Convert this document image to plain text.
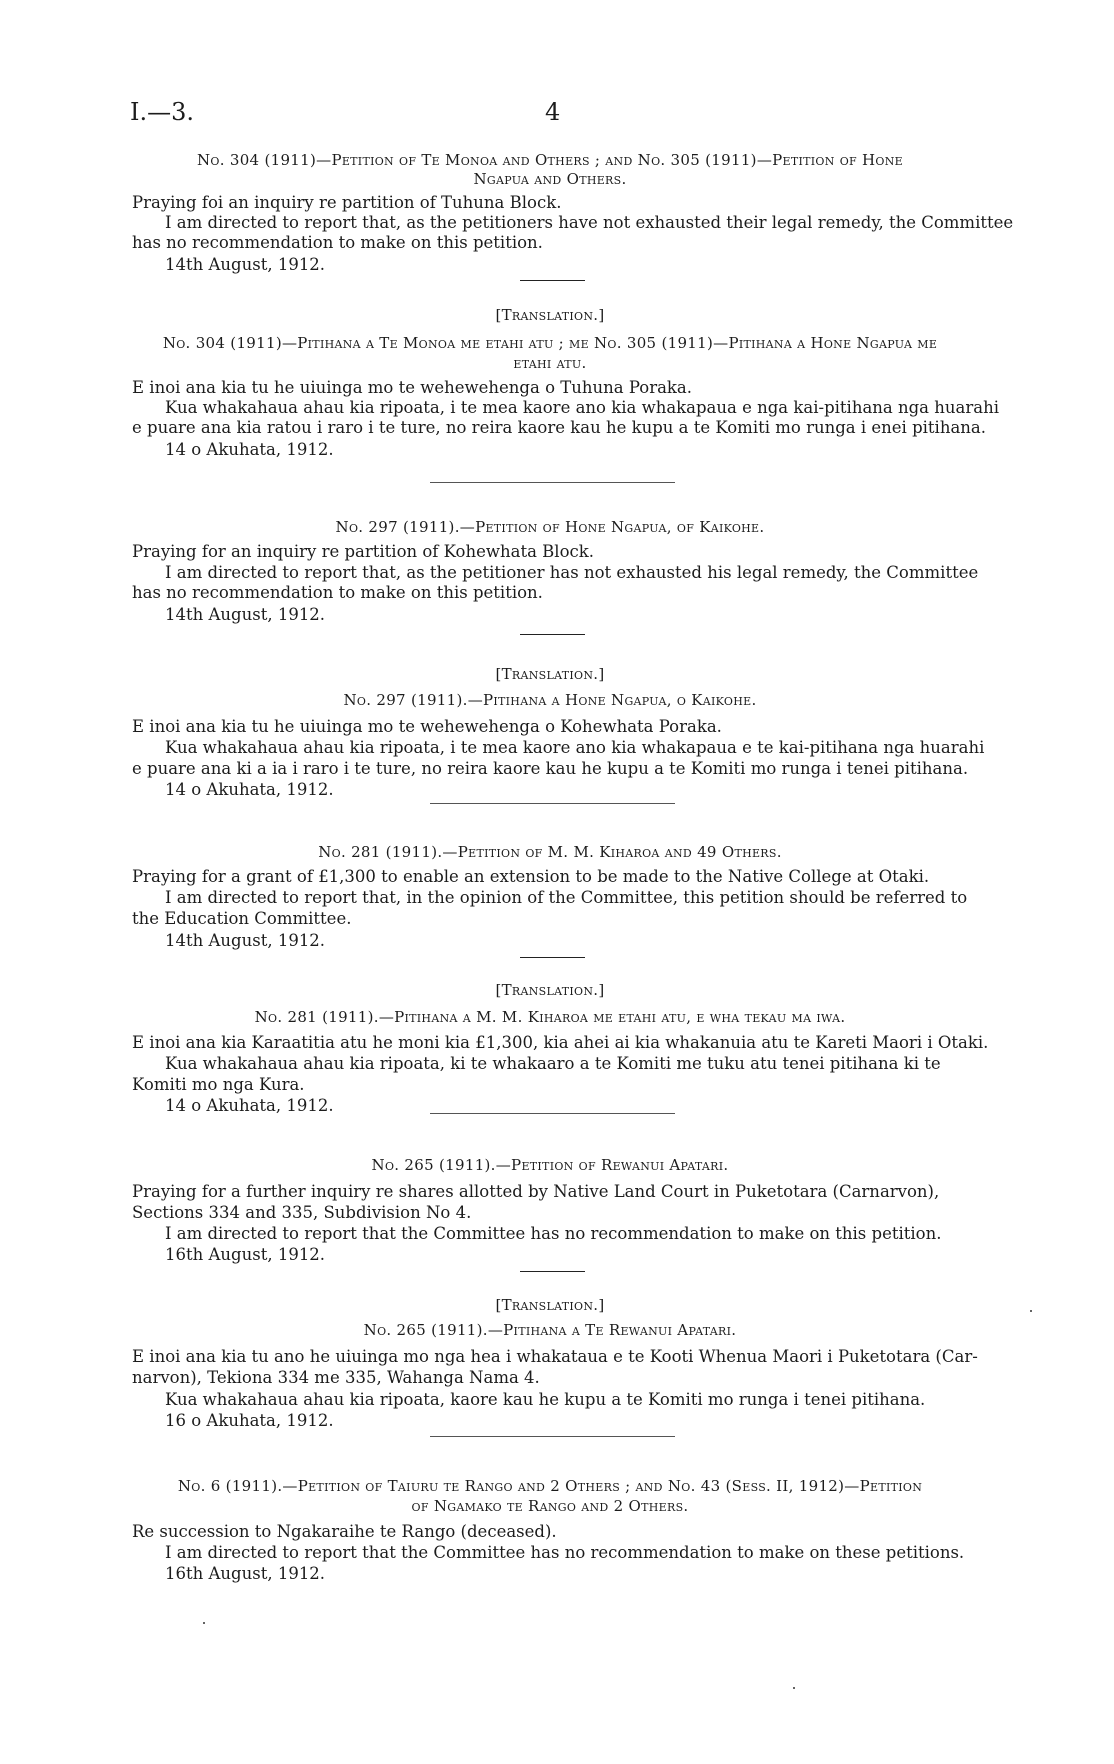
I.—3.	4
No. 304 (1911)—Petition of Te Monoa and Others ; and No. 305 (1911)—Petition of Hone
Ngapua and Others.
Praying foi an inquiry re partition of Tuhuna Block.
I am directed to report that, as the petitioners have not exhausted their legal remedy, the Committee
has no recommendation to make on this petition.
14th August, 1912.
[Translation.]
No. 304 (1911)—Pitihana a Te Monoa me etahi atu ; me No. 305 (1911)—Pitihana a Hone Ngapua me
etahi atu.
E inoi ana kia tu he uiuinga mo te wehewehenga o Tuhuna Poraka.
Kua whakahaua ahau kia ripoata, i te mea kaore ano kia whakapaua e nga kai-pitihana nga huarahi
e puare ana kia ratou i raro i te ture, no reira kaore kau he kupu a te Komiti mo runga i enei pitihana.
14 o Akuhata, 1912.
No. 297 (1911).—Petition of Hone Ngapua, of Kaikohe.
Praying for an inquiry re partition of Kohewhata Block.
I am directed to report that, as the petitioner has not exhausted his legal remedy, the Committee
has no recommendation to make on this petition.
14th August, 1912.
[Translation.]
No. 297 (1911).—Pitihana a Hone Ngapua, o Kaikohe.
E inoi ana kia tu he uiuinga mo te wehewehenga o Kohewhata Poraka.
Kua whakahaua ahau kia ripoata, i te mea kaore ano kia whakapaua e te kai-pitihana nga huarahi
e puare ana ki a ia i raro i te ture, no reira kaore kau he kupu a te Komiti mo runga i tenei pitihana.
14 o Akuhata, 1912.
No. 281 (1911).—Petition of M. M. Kiharoa and 49 Others.
Praying for a grant of £1,300 to enable an extension to be made to the Native College at Otaki.
I am directed to report that, in the opinion of the Committee, this petition should be referred to
the Education Committee.
14th August, 1912.
[Translation.]
No. 281 (1911).—Pitihana a M. M. Kiharoa me etahi atu, e wha tekau ma iwa.
E inoi ana kia Karaatitia atu he moni kia £1,300, kia ahei ai kia whakanuia atu te Kareti Maori i Otaki.
Kua whakahaua ahau kia ripoata, ki te whakaaro a te Komiti me tuku atu tenei pitihana ki te
Komiti mo nga Kura.
14 o Akuhata, 1912.
No. 265 (1911).—Petition of Rewanui Apatari.
Praying for a further inquiry re shares allotted by Native Land Court in Puketotara (Carnarvon),
Sections 334 and 335, Subdivision No 4.
I am directed to report that the Committee has no recommendation to make on this petition.
16th August, 1912.
[Translation.]
No. 265 (1911).—Pitihana a Te Rewanui Apatari.
E inoi ana kia tu ano he uiuinga mo nga hea i whakataua e te Kooti Whenua Maori i Puketotara (Car-
narvon), Tekiona 334 me 335, Wahanga Nama 4.
Kua whakahaua ahau kia ripoata, kaore kau he kupu a te Komiti mo runga i tenei pitihana.
16 o Akuhata, 1912.
No. 6 (1911).—Petition of Taiuru te Rango and 2 Others ; and No. 43 (Sess. II, 1912)—Petition
of Ngamako te Rango and 2 Others.
Re succession to Ngakaraihe te Rango (deceased).
I am directed to report that the Committee has no recommendation to make on these petitions.
16th August, 1912.
